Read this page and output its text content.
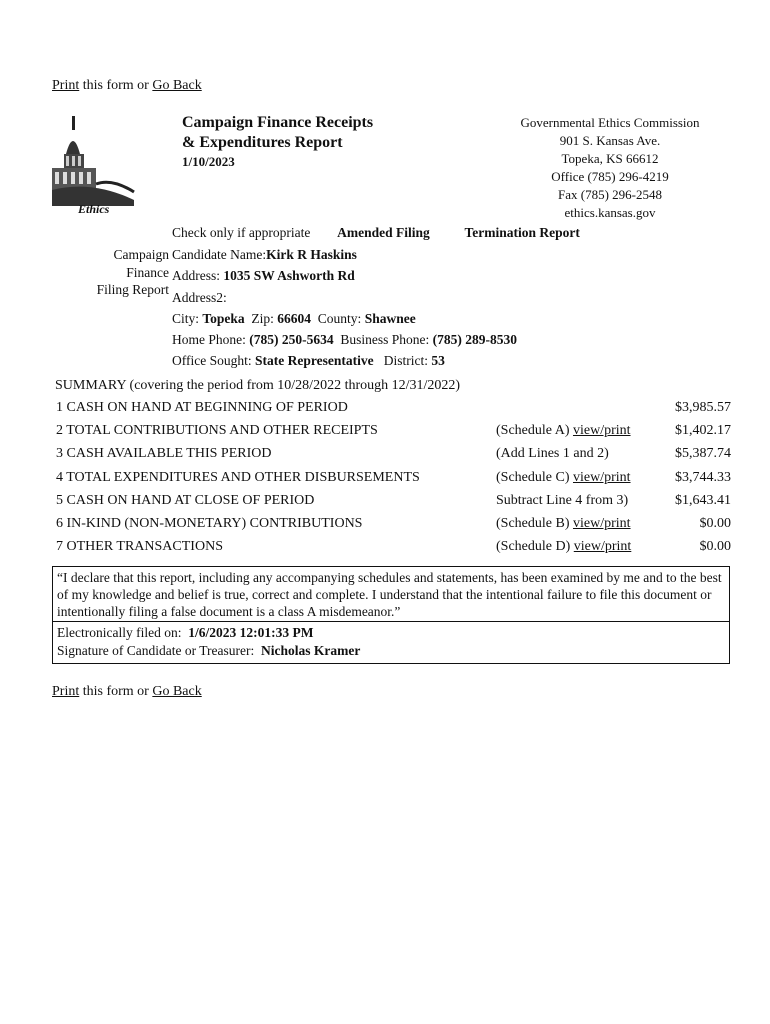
Print this form or Go Back
Ethics
Campaign Finance Receipts
& Expenditures Report
1/10/2023
Governmental Ethics Commission
901 S. Kansas Ave.
Topeka, KS 66612
Office (785) 296-4219
Fax (785) 296-2548
ethics.kansas.gov
Check only if appropriate Amended Filing	Termination Report
Campaign
Finance
Filing Report
Candidate Name:Kirk R Haskins
Address: 1035 SW Ashworth Rd
Address2:
City: Topeka Zip: 66604 County: Shawnee
Home Phone: (785) 250-5634 Business Phone: (785) 289-8530
Office Sought: State Representative District: 53
SUMMARY (covering the period from 10/28/2022 through 12/31/2022)
1 CASH ON HAND AT BEGINNING OF PERIOD	$3,985.57
2 TOTAL CONTRIBUTIONS AND OTHER RECEIPTS	(Schedule A) view/print	$1,402.17
3 CASH AVAILABLE THIS PERIOD	(Add Lines 1 and 2)	$5,387.74
4 TOTAL EXPENDITURES AND OTHER DISBURSEMENTS	(Schedule C) view/print	$3,744.33
5 CASH ON HAND AT CLOSE OF PERIOD	Subtract Line 4 from 3)	$1,643.41
6 IN-KIND (NON-MONETARY) CONTRIBUTIONS	(Schedule B) view/print	$0.00
7 OTHER TRANSACTIONS	(Schedule D) view/print	$0.00
“I declare that this report, including any accompanying schedules and statements, has been examined by me and to the best of my knowledge and belief is true, correct and complete. I understand that the intentional failure to file this document or intentionally filing a false document is a class A misdemeanor.”
Electronically filed on: 1/6/2023 12:01:33 PM
Signature of Candidate or Treasurer: Nicholas Kramer
Print this form or Go Back
